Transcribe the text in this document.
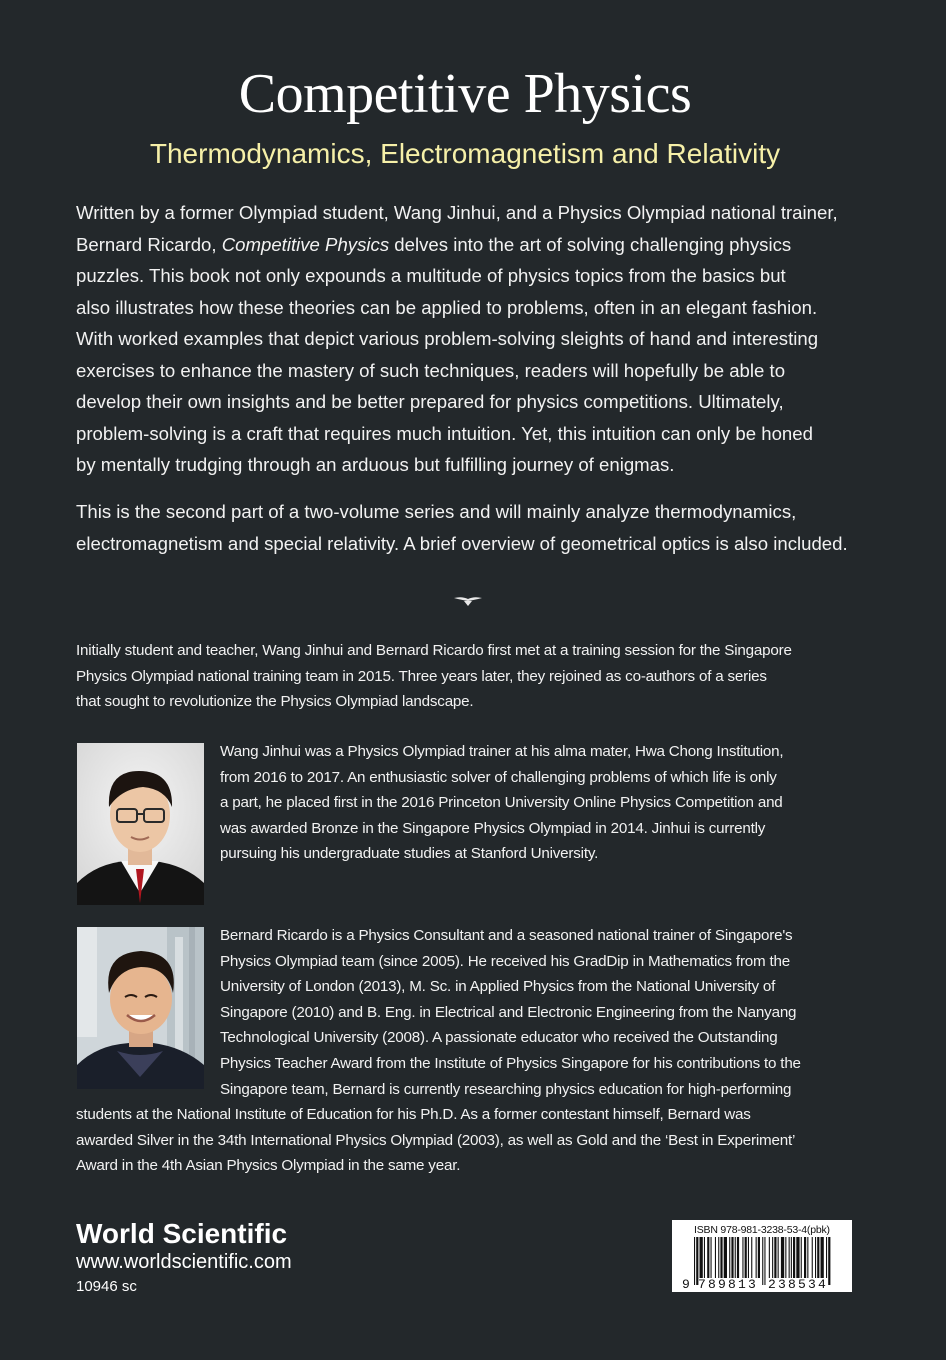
Competitive Physics
Thermodynamics, Electromagnetism and Relativity

Written by a former Olympiad student, Wang Jinhui, and a Physics Olympiad national trainer,
Bernard Ricardo, Competitive Physics delves into the art of solving challenging physics
puzzles. This book not only expounds a multitude of physics topics from the basics but
also illustrates how these theories can be applied to problems, often in an elegant fashion.
With worked examples that depict various problem-solving sleights of hand and interesting
exercises to enhance the mastery of such techniques, readers will hopefully be able to
develop their own insights and be better prepared for physics competitions. Ultimately,
problem-solving is a craft that requires much intuition. Yet, this intuition can only be honed
by mentally trudging through an arduous but fulfilling journey of enigmas.

This is the second part of a two-volume series and will mainly analyze thermodynamics,
electromagnetism and special relativity. A brief overview of geometrical optics is also included.

Initially student and teacher, Wang Jinhui and Bernard Ricardo first met at a training session for the Singapore
Physics Olympiad national training team in 2015. Three years later, they rejoined as co-authors of a series
that sought to revolutionize the Physics Olympiad landscape.

Wang Jinhui was a Physics Olympiad trainer at his alma mater, Hwa Chong Institution,
from 2016 to 2017. An enthusiastic solver of challenging problems of which life is only
a part, he placed first in the 2016 Princeton University Online Physics Competition and
was awarded Bronze in the Singapore Physics Olympiad in 2014. Jinhui is currently
pursuing his undergraduate studies at Stanford University.

Bernard Ricardo is a Physics Consultant and a seasoned national trainer of Singapore's
Physics Olympiad team (since 2005). He received his GradDip in Mathematics from the
University of London (2013), M. Sc. in Applied Physics from the National University of
Singapore (2010) and B. Eng. in Electrical and Electronic Engineering from the Nanyang
Technological University (2008). A passionate educator who received the Outstanding
Physics Teacher Award from the Institute of Physics Singapore for his contributions to the
Singapore team, Bernard is currently researching physics education for high-performing

students at the National Institute of Education for his Ph.D. As a former contestant himself, Bernard was
awarded Silver in the 34th International Physics Olympiad (2003), as well as Gold and the ‘Best in Experiment’
Award in the 4th Asian Physics Olympiad in the same year.

World Scientific
www.worldscientific.com
10946 sc
ISBN 978-981-3238-53-4(pbk)
9 789813 238534
